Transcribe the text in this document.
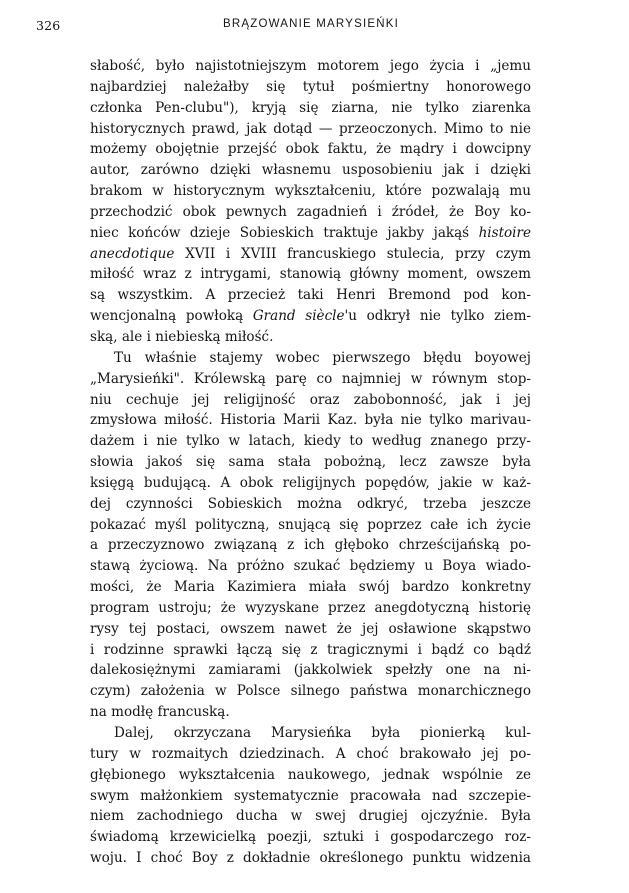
326	BRĄZOWANIE MARYSIEŃKI
słabość, było najistotniejszym motorem jego życia i „jemu
najbardziej należałby się tytuł pośmiertny honorowego
członka Pen-clubu"), kryją się ziarna, nie tylko ziarenka
historycznych prawd, jak dotąd — przeoczonych. Mimo to nie
możemy obojętnie przejść obok faktu, że mądry i dowcipny
autor, zarówno dzięki własnemu usposobieniu jak i dzięki
brakom w historycznym wykształceniu, które pozwalają mu
przechodzić obok pewnych zagadnień i źródeł, że Boy ko-
niec końców dzieje Sobieskich traktuje jakby jakąś histoire
anecdotique XVII i XVIII francuskiego stulecia, przy czym
miłość wraz z intrygami, stanowią główny moment, owszem
są wszystkim. A przecież taki Henri Bremond pod kon-
wencjonalną powłoką Grand siècle'u odkrył nie tylko ziem-
ską, ale i niebieską miłość.
Tu właśnie stajemy wobec pierwszego błędu boyowej
„Marysieńki". Królewską parę co najmniej w równym stop-
niu cechuje jej religijność oraz zabobonność, jak i jej
zmysłowa miłość. Historia Marii Kaz. była nie tylko marivau-
dażem i nie tylko w latach, kiedy to według znanego przy-
słowia jakoś się sama stała pobożną, lecz zawsze była
księgą budującą. A obok religijnych popędów, jakie w każ-
dej czynności Sobieskich można odkryć, trzeba jeszcze
pokazać myśl polityczną, snującą się poprzez całe ich życie
a przeczyznowo związaną z ich głęboko chrześcijańską po-
stawą życiową. Na próżno szukać będziemy u Boya wiado-
mości, że Maria Kazimiera miała swój bardzo konkretny
program ustroju; że wyzyskane przez anegdotyczną historię
rysy tej postaci, owszem nawet że jej osławione skąpstwo
i rodzinne sprawki łączą się z tragicznymi i bądź co bądź
dalekosiężnymi zamiarami (jakkolwiek spełzły one na ni-
czym) założenia w Polsce silnego państwa monarchicznego
na modłę francuską.
Dalej, okrzyczana Marysieńka była pionierką kul-
tury w rozmaitych dziedzinach. A choć brakowało jej po-
głębionego wykształcenia naukowego, jednak wspólnie ze
swym małżonkiem systematycznie pracowała nad szczepie-
niem zachodniego ducha w swej drugiej ojczyźnie. Była
świadomą krzewicielką poezji, sztuki i gospodarczego roz-
woju. I choć Boy z dokładnie określonego punktu widzenia
